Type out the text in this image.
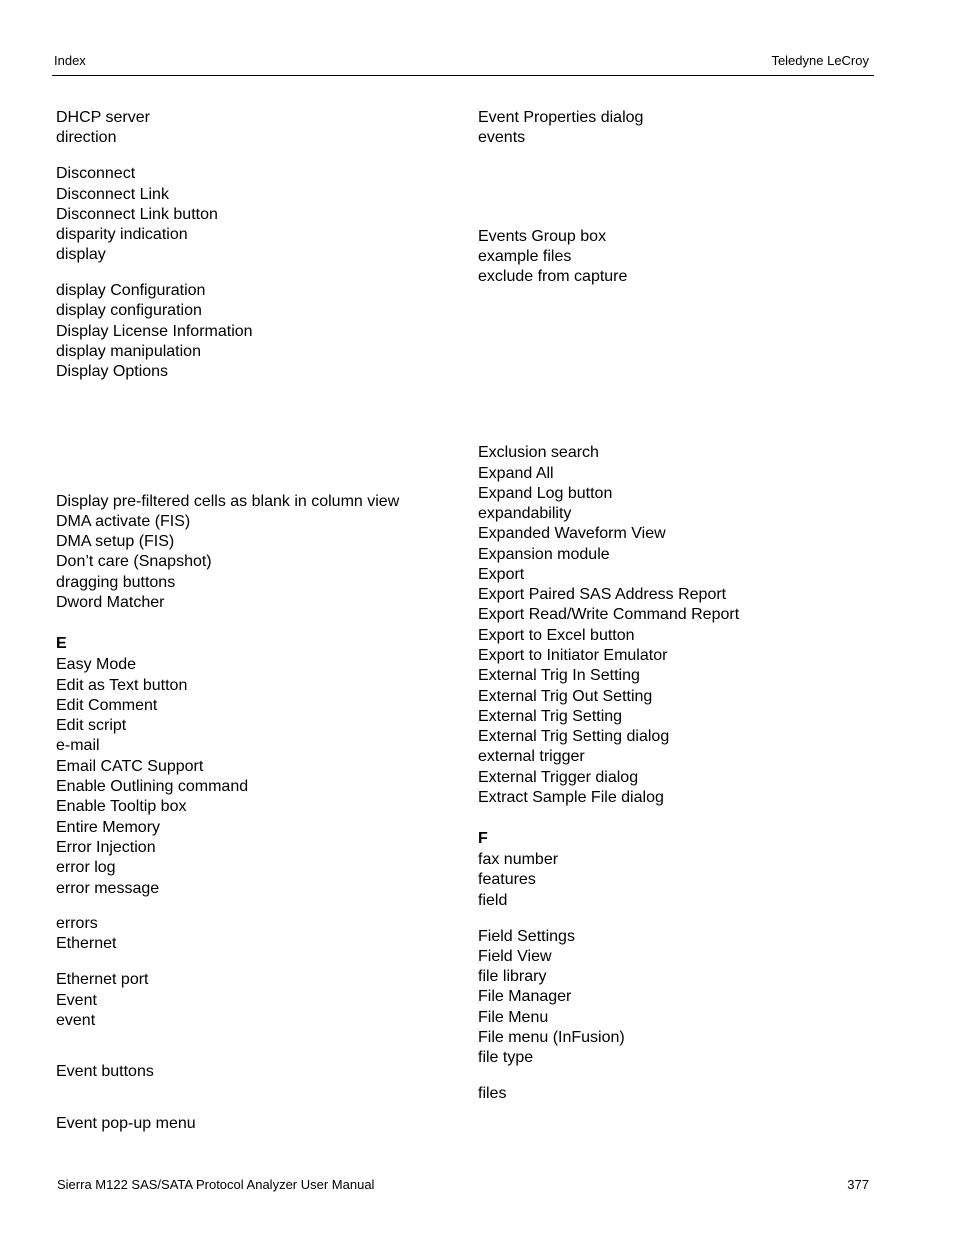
Index	Teledyne LeCroy
DHCP server
direction
Disconnect
Disconnect Link
Disconnect Link button
disparity indication
display
display Configuration
display configuration
Display License Information
display manipulation
Display Options
Display pre-filtered cells as blank in column view
DMA activate (FIS)
DMA setup (FIS)
Don’t care (Snapshot)
dragging buttons
Dword Matcher
E
Easy Mode
Edit as Text button
Edit Comment
Edit script
e-mail
Email CATC Support
Enable Outlining command
Enable Tooltip box
Entire Memory
Error Injection
error log
error message
errors
Ethernet
Ethernet port
Event
event
Event buttons
Event pop-up menu
Event Properties dialog
events
Events Group box
example files
exclude from capture
Exclusion search
Expand All
Expand Log button
expandability
Expanded Waveform View
Expansion module
Export
Export Paired SAS Address Report
Export Read/Write Command Report
Export to Excel button
Export to Initiator Emulator
External Trig In Setting
External Trig Out Setting
External Trig Setting
External Trig Setting dialog
external trigger
External Trigger dialog
Extract Sample File dialog
F
fax number
features
field
Field Settings
Field View
file library
File Manager
File Menu
File menu (InFusion)
file type
files
Sierra M122 SAS/SATA Protocol Analyzer User Manual	377
